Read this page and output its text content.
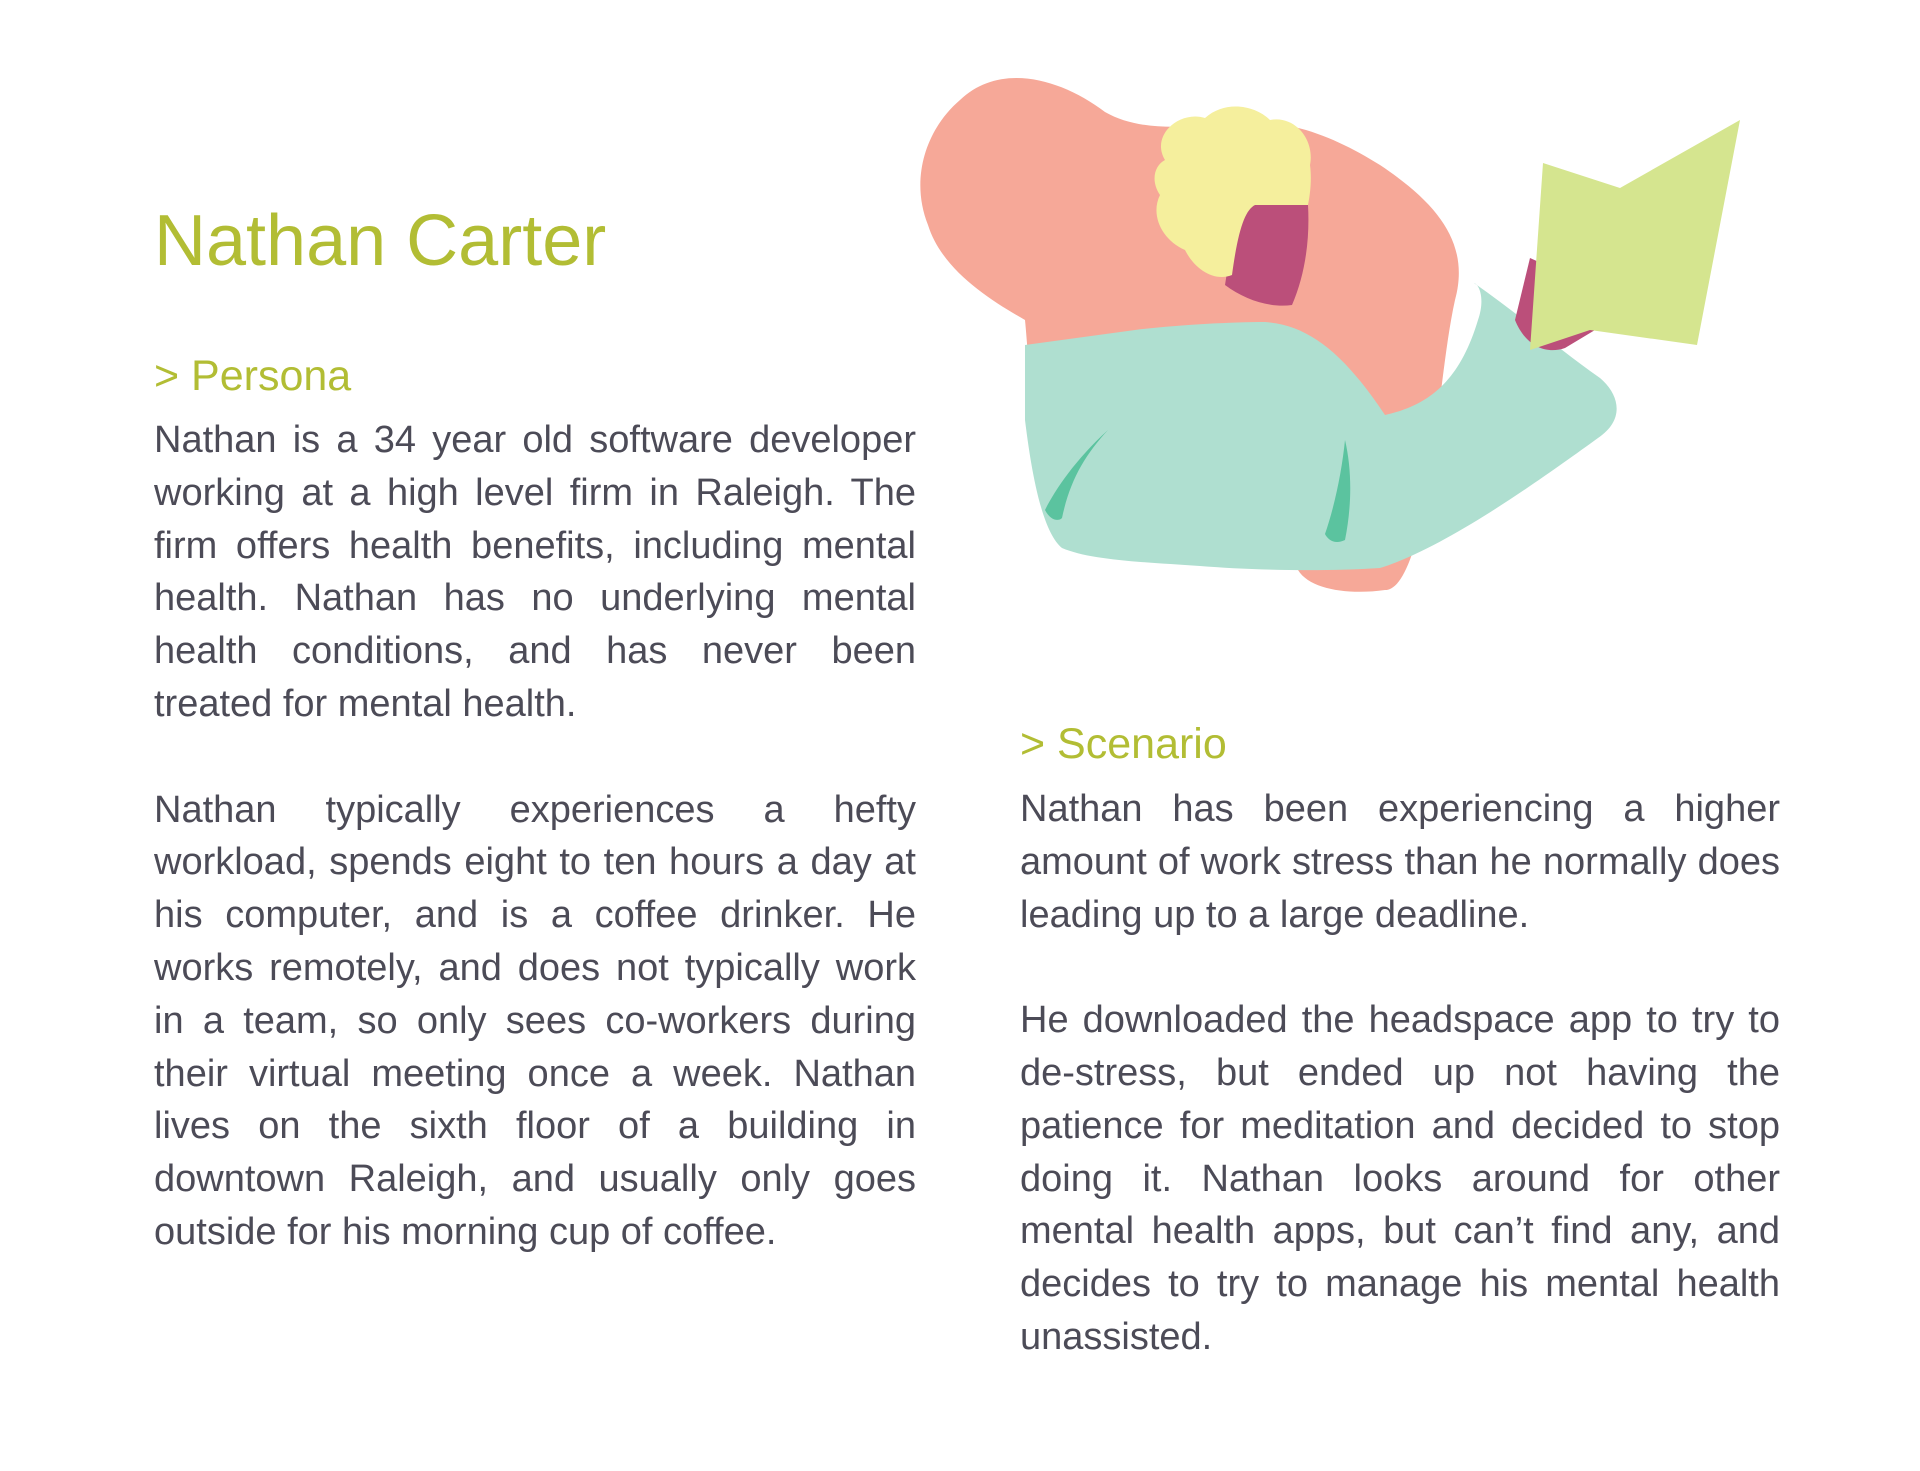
Nathan Carter
> Persona

Nathan is a 34 year old software developer working at a high level firm in Raleigh. The firm offers health benefits, including mental health. Nathan has no underlying mental health conditions, and has never been treated for mental health.

Nathan typically experiences a hefty workload, spends eight to ten hours a day at his computer, and is a coffee drinker. He works remotely, and does not typically work in a team, so only sees co-workers during their virtual meeting once a week. Nathan lives on the sixth floor of a building in downtown Raleigh, and usually only goes outside for his morning cup of coffee.

> Scenario

Nathan has been experiencing a higher amount of work stress than he normally does leading up to a large deadline.

He downloaded the headspace app to try to de-stress, but ended up not having the patience for meditation and decided to stop doing it. Nathan looks around for other mental health apps, but can’t find any, and decides to try to manage his mental health unassisted.
